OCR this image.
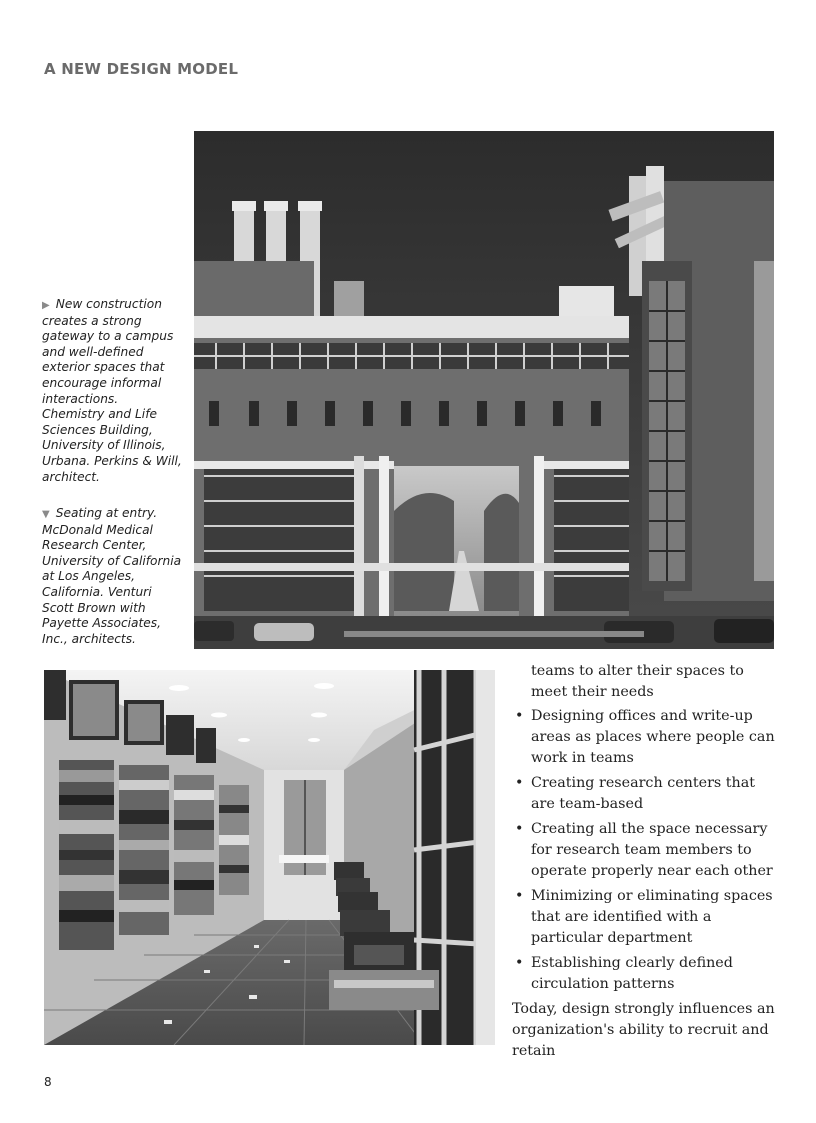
A NEW DESIGN MODEL
▶ New construction creates a strong gateway to a campus and well-defined exterior spaces that encourage informal interactions. Chemistry and Life Sciences Building, University of Illinois, Urbana. Perkins & Will, architect.
▼ Seating at entry. McDonald Medical Research Center, University of California at Los Angeles, California. Venturi Scott Brown with Payette Associates, Inc., architects.

teams to alter their spaces to meet their needs

• Designing offices and write-up areas as places where people can work in teams
• Creating research centers that are team-based
• Creating all the space necessary for research team members to operate properly near each other
• Minimizing or eliminating spaces that are identified with a particular department
• Establishing clearly defined circulation patterns

Today, design strongly influences an organization's ability to recruit and retain

8
